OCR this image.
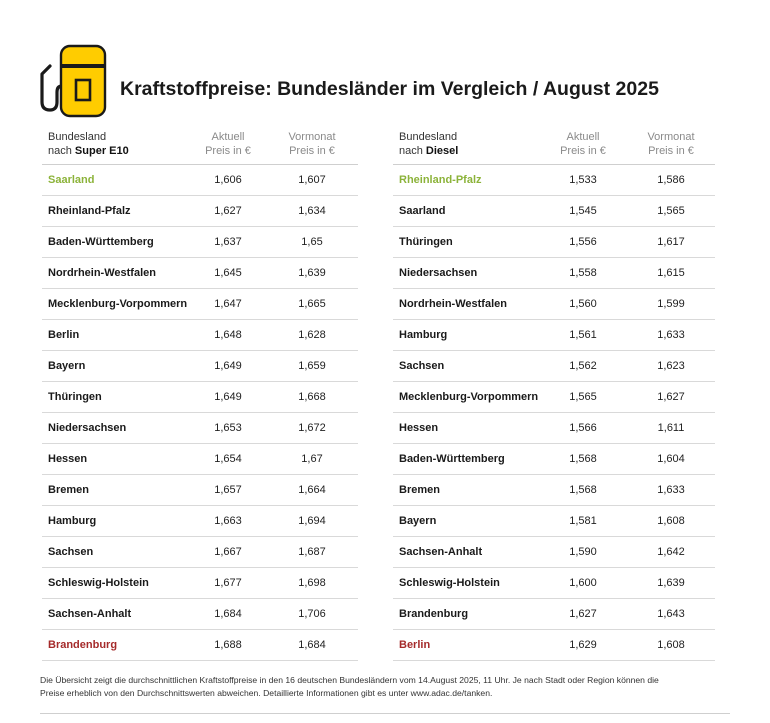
Kraftstoffpreise: Bundesländer im Vergleich / August 2025
Bundesland
nach Super E10
Aktuell
Preis in €
Vormonat
Preis in €
Saarland	1,606	1,607
Rheinland-Pfalz	1,627	1,634
Baden-Württemberg	1,637	1,65
Nordrhein-Westfalen	1,645	1,639
Mecklenburg-Vorpommern	1,647	1,665
Berlin	1,648	1,628
Bayern	1,649	1,659
Thüringen	1,649	1,668
Niedersachsen	1,653	1,672
Hessen	1,654	1,67
Bremen	1,657	1,664
Hamburg	1,663	1,694
Sachsen	1,667	1,687
Schleswig-Holstein	1,677	1,698
Sachsen-Anhalt	1,684	1,706
Brandenburg	1,688	1,684
Bundesland
nach Diesel
Aktuell
Preis in €
Vormonat
Preis in €
Rheinland-Pfalz	1,533	1,586
Saarland	1,545	1,565
Thüringen	1,556	1,617
Niedersachsen	1,558	1,615
Nordrhein-Westfalen	1,560	1,599
Hamburg	1,561	1,633
Sachsen	1,562	1,623
Mecklenburg-Vorpommern	1,565	1,627
Hessen	1,566	1,611
Baden-Württemberg	1,568	1,604
Bremen	1,568	1,633
Bayern	1,581	1,608
Sachsen-Anhalt	1,590	1,642
Schleswig-Holstein	1,600	1,639
Brandenburg	1,627	1,643
Berlin	1,629	1,608
Die Übersicht zeigt die durchschnittlichen Kraftstoffpreise in den 16 deutschen Bundesländern vom 14.August 2025, 11 Uhr. Je nach Stadt oder Region können die
Preise erheblich von den Durchschnittswerten abweichen. Detaillierte Informationen gibt es unter www.adac.de/tanken.
